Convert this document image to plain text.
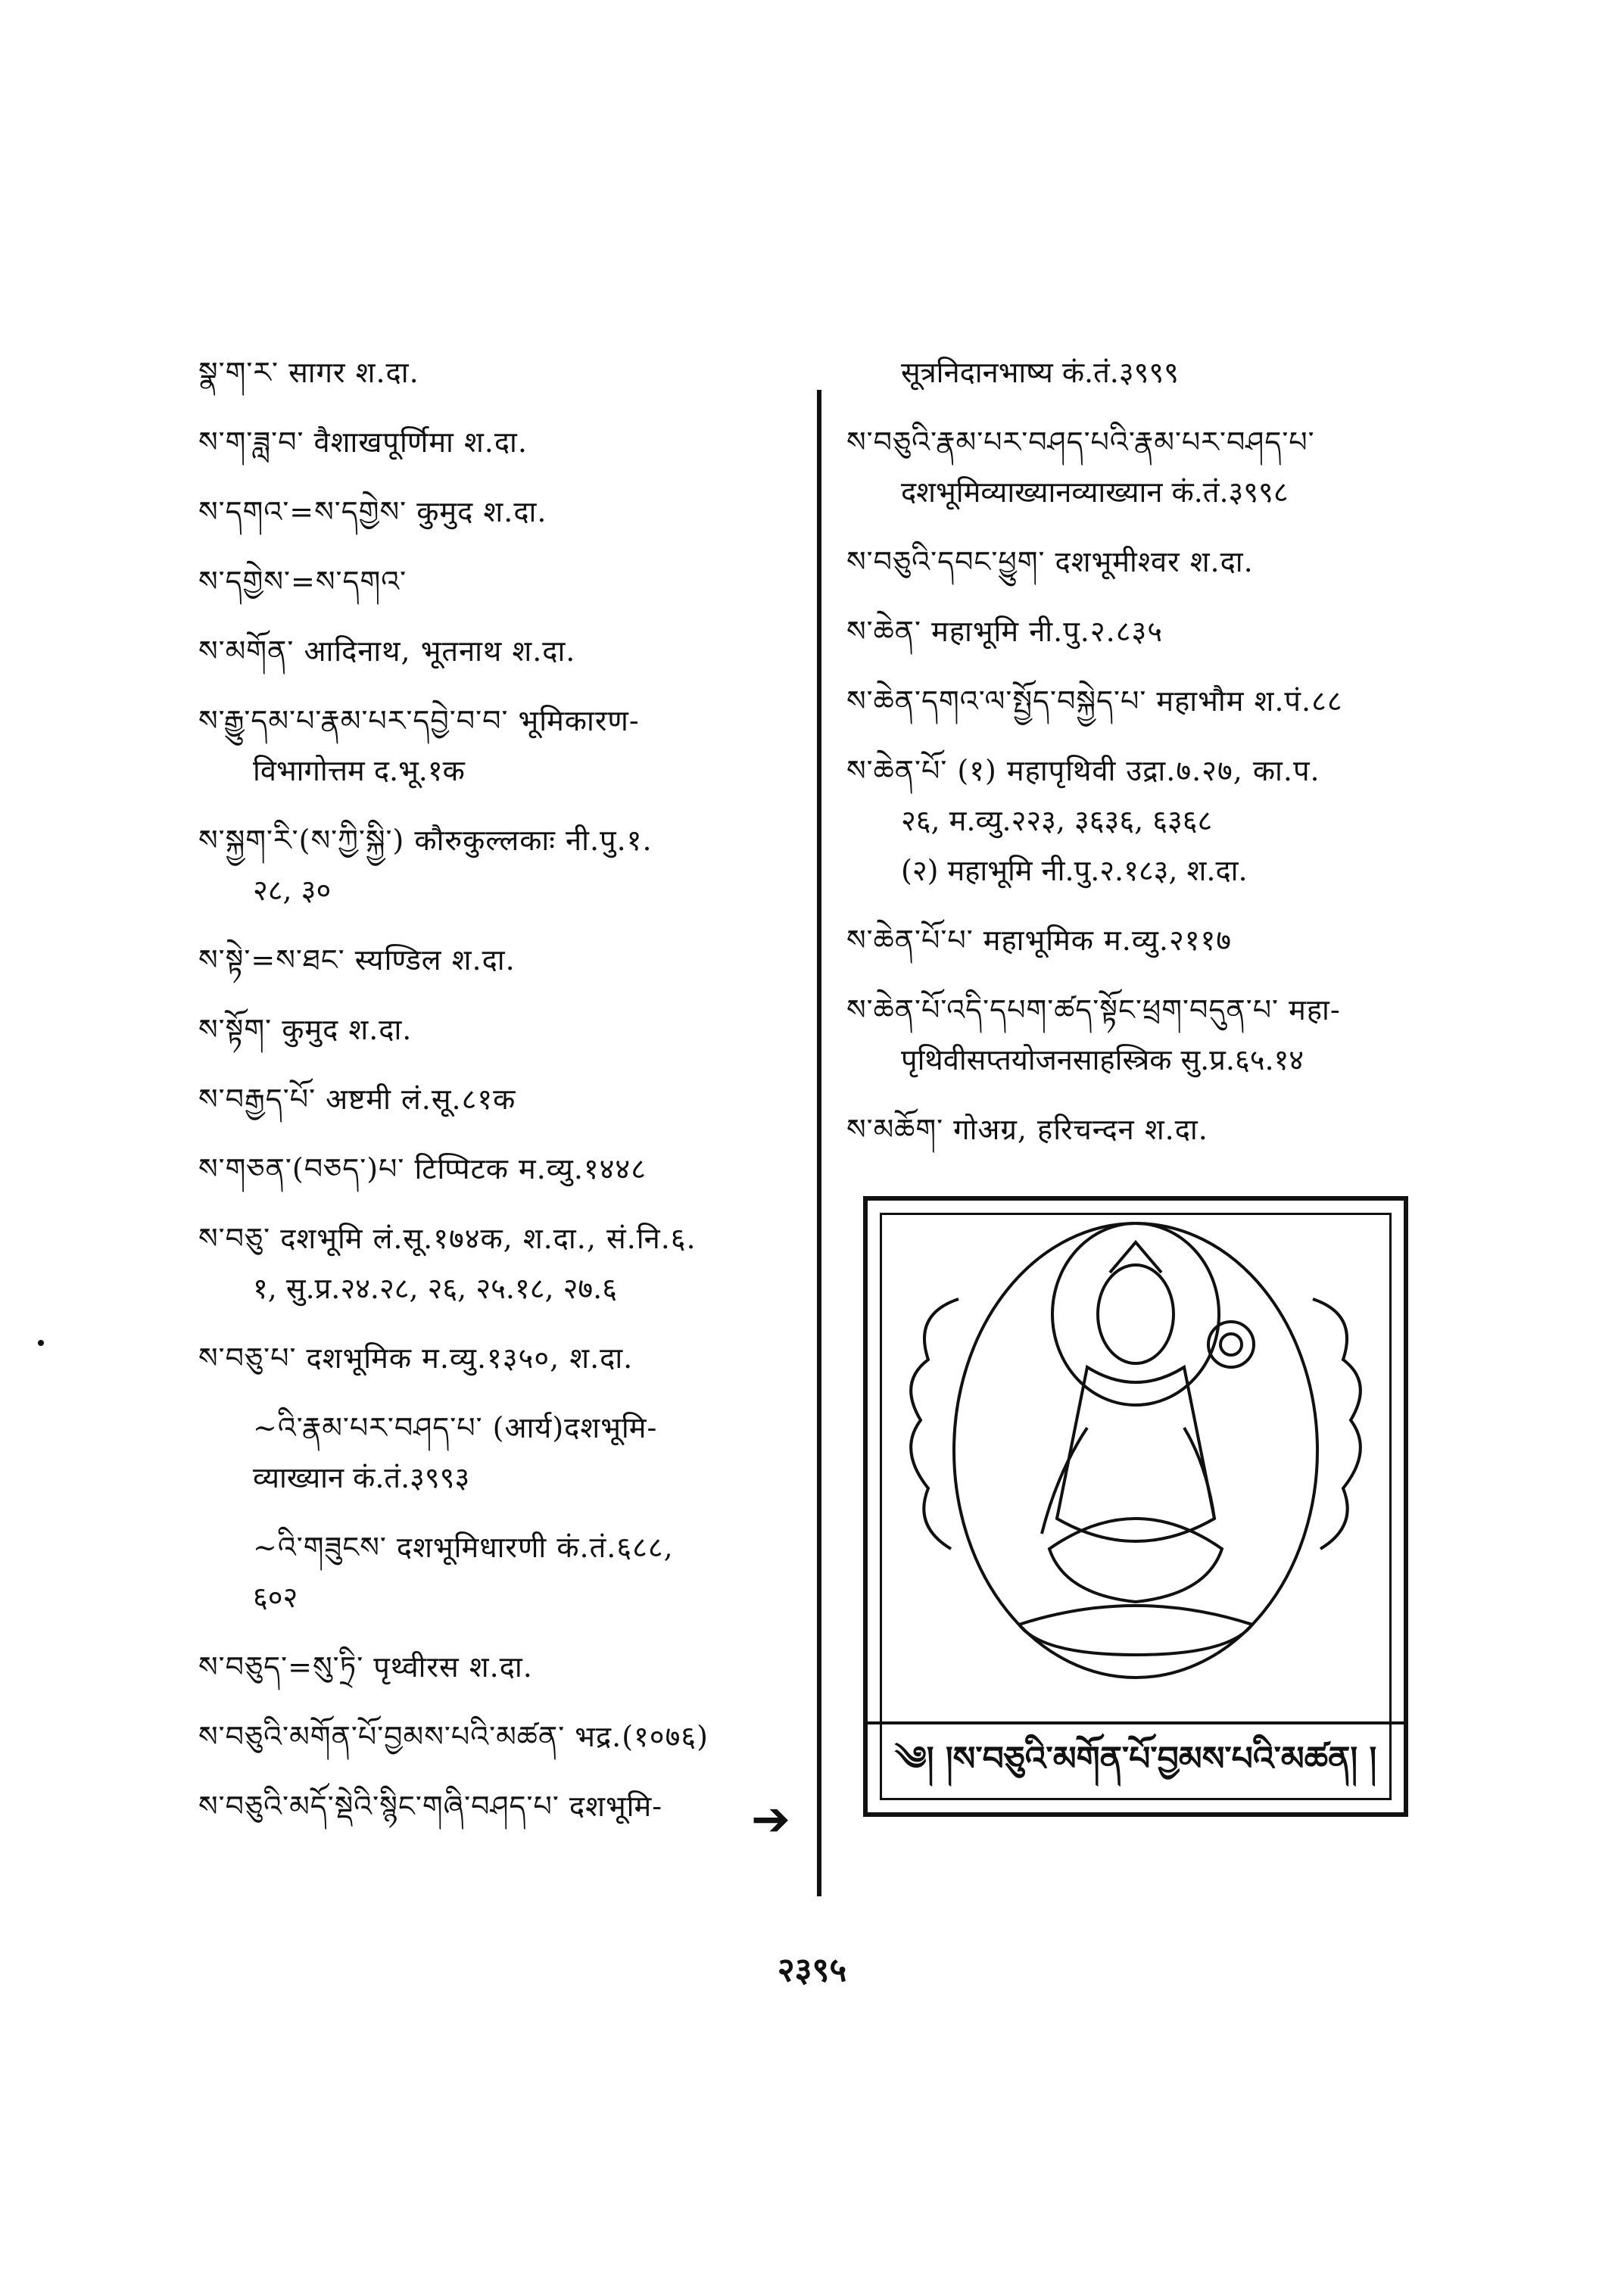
སྣ་ག་ར་ सागर श.दा.

ས་ག་ཟླ་བ་ वैशाखपूर्णिमा श.दा.

ས་དགའ་=ས་དགྱེས་ कुमुद श.दा.

ས་དགྱེས་=ས་དགའ་

ས་མགོན་ आदिनाथ, भूतनाथ श.दा.

ས་རྒྱུ་དམ་པ་རྣམ་པར་དབྱེ་བ་བ་ भूमिकारण-

विभागोत्तम द.भू.१क

ས་སྐྱག་རི་(ས་ཀྱི་སྐྱི་) कौरुकुल्लकाः नी.पु.१.

२८, ३०

ས་སྟེ་=ས་ཐང་ स्यण्डिल श.दा.

ས་སྟོག་ कुमुद श.दा.

ས་བརྒྱད་པོ་ अष्टमी लं.सू.८१क

ས་གཅན་(བཅད་)པ་ टिप्पिटक म.व्यु.१४४८

ས་བཅུ་ दशभूमि लं.सू.१७४क, श.दा., सं.नि.६.

१, सु.प्र.२४.२८, २६, २५.१८, २७.६

ས་བཅུ་པ་ दशभूमिक म.व्यु.१३५०, श.दा.

~འི་རྣམ་པར་བཤད་པ་ (आर्य)दशभूमि-

व्याख्यान कं.तं.३९९३

~འི་གཟུངས་ दशभूमिधारणी कं.तं.६८८,

६०२

ས་བཅུད་=སུ་ཏྲི་ पृथ्वीरस श.दा.

ས་བཅུའི་མགོན་པོ་བྱམས་པའི་མཚན་ भद्र.(१०७६)

ས་བཅུའི་མདོ་སྡེའི་སྙིང་གཞི་བཤད་པ་ दशभूमि-	➔

सूत्रनिदानभाष्य कं.तं.३९९९

ས་བཅུའི་རྣམ་པར་བཤད་པའི་རྣམ་པར་བཤད་པ་

दशभूमिव्याख्यानव्याख्यान कं.तं.३९९८

ས་བཅུའི་དབང་ཕྱུག་ दशभूमीश्वर श.दा.

ས་ཆེན་ महाभूमि नी.पु.२.८३५

ས་ཆེན་དགའ་ལ་སྤྱོད་བསྐྱེད་པ་ महाभौम श.पं.८८

ས་ཆེན་པོ་ (१) महापृथिवी उद्रा.७.२७, का.प.

२६, म.व्यु.२२३, ३६३६, ६३६८

(२) महाभूमि नी.पु.२.१८३, श.दा.

ས་ཆེན་པོ་པ་ महाभूमिक म.व्यु.२११७

ས་ཆེན་པོ་འདི་དཔག་ཚད་སྟོང་ཕྲག་བདུན་པ་ महा-

पृथिवीसप्तयोजनसाहस्त्रिक सु.प्र.६५.१४

ས་མཆོག་ गोअग्र, हरिचन्दन श.दा.

༄། །ས་བཅུའི་མགོན་པོ་བྱམས་པའི་མཚན། །
२३९५
